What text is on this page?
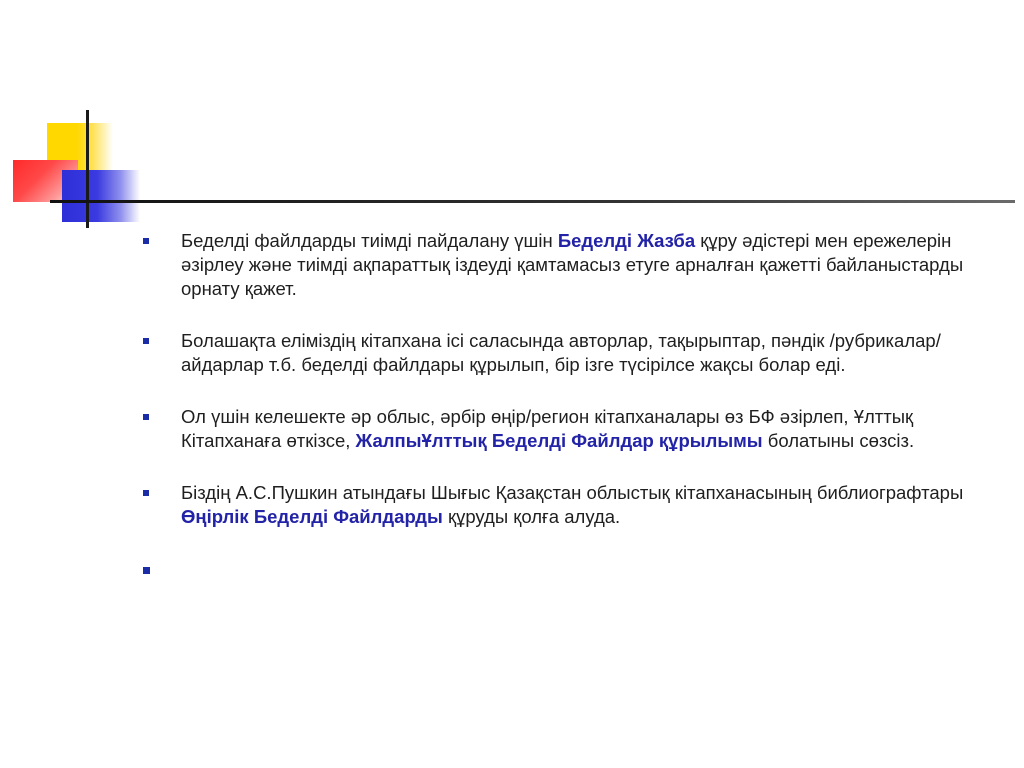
Беделді файлдарды тиімді пайдалану үшін Беделді Жазба құру әдістері мен ережелерін әзірлеу және тиімді ақпараттық іздеуді қамтамасыз етуге арналған қажетті байланыстарды орнату қажет.
Болашақта еліміздің кітапхана ісі саласында авторлар, тақырыптар, пәндік /рубрикалар/айдарлар т.б. беделді файлдары құрылып, бір ізге түсірілсе жақсы болар еді.
Ол үшін келешекте әр облыс, әрбір өңір/регион кітапханалары өз БФ әзірлеп, Ұлттық Кітапханаға өткізсе, ЖалпыҰлттық Беделді Файлдар құрылымы болатыны сөзсіз.
Біздің А.С.Пушкин атындағы Шығыс Қазақстан облыстық кітапханасының библиографтары Өңірлік Беделді Файлдарды құруды қолға алуда.
